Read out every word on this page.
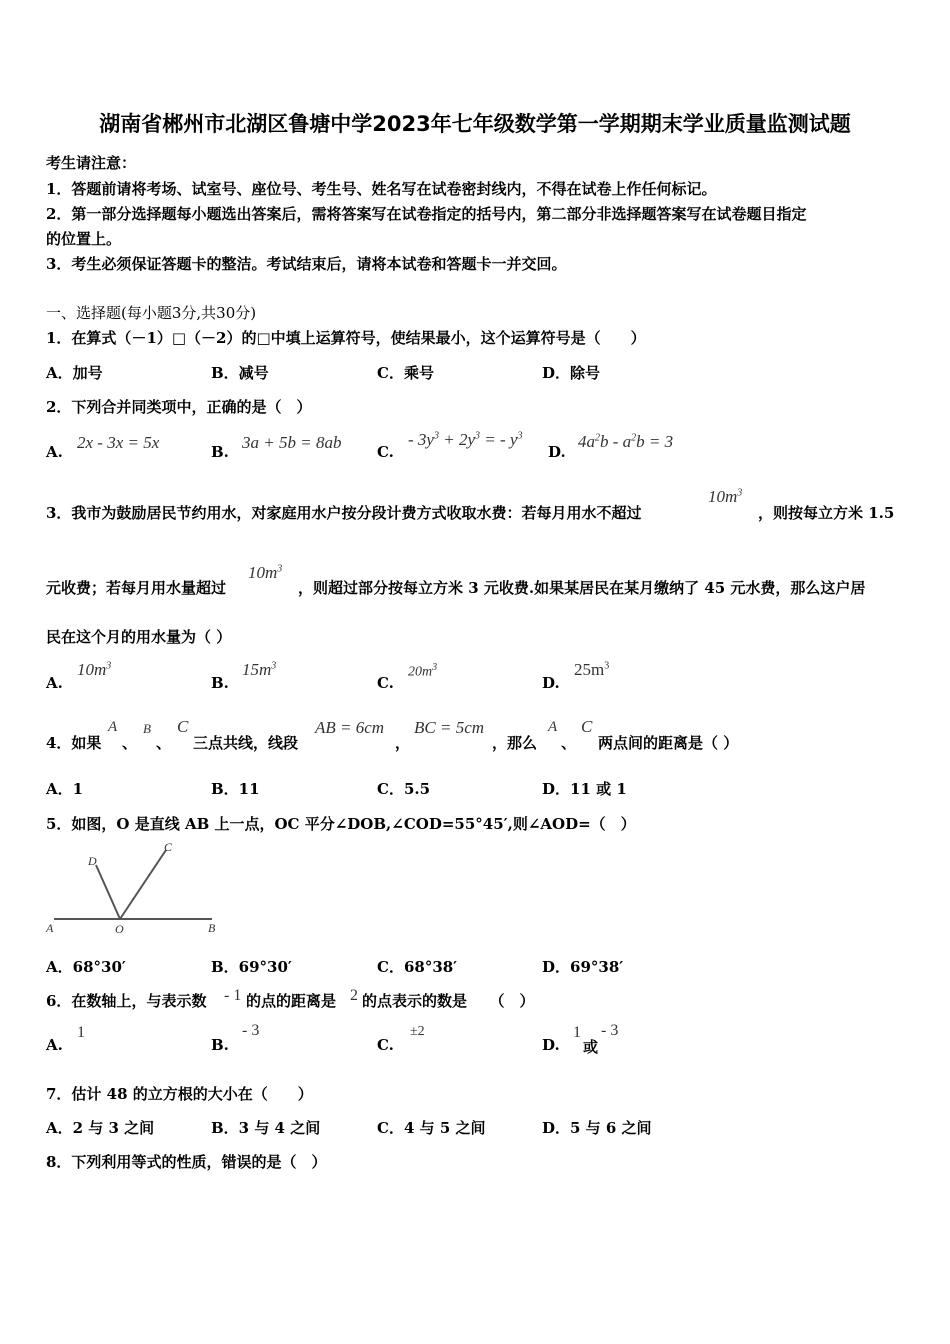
湖南省郴州市北湖区鲁塘中学2023年七年级数学第一学期期末学业质量监测试题
考生请注意：
1．答题前请将考场、试室号、座位号、考生号、姓名写在试卷密封线内，不得在试卷上作任何标记。
2．第一部分选择题每小题选出答案后，需将答案写在试卷指定的括号内，第二部分非选择题答案写在试卷题目指定
的位置上。
3．考生必须保证答题卡的整洁。考试结束后，请将本试卷和答题卡一并交回。
一、选择题(每小题3分,共30分)
1．在算式（－1）□（－2）的□中填上运算符号，使结果最小，这个运算符号是（　　）
A．加号	B．减号	C．乘号	D．除号
2．下列合并同类项中，正确的是（　）
A. 2x - 3x = 5x	B. 3a + 5b = 8ab C.
- $3y^3 + 2y^3$ = - $y^3$
D.
$4a^2b - a^2b = 3$
3．我市为鼓励居民节约用水，对家庭用水户按分段计费方式收取水费：若每月用水不超过
$10m^3$
，则按每立方米 1.5
元收费；若每月用水量超过
$10m^3$
，则超过部分按每立方米 3 元收费.如果某居民在某月缴纳了 45 元水费，那么这户居
民在这个月的用水量为（ ）
A.
$10m^3$
B.
$15m^3$
C.
$20m^3$
D.
$25m^3$
4．如果
A
、
B
、
C
三点共线，线段
AB = 6cm
，
BC = 5cm
，那么
A
、
C
两点间的距离是（ ）
A．1	B．11	C．5.5	D．11 或 1
5．如图，O 是直线 AB 上一点，OC 平分∠DOB,∠COD=55°45′,则∠AOD=（　）
D
C
A	O	B
A．68°30′	B．69°30′	C．68°38′	D．69°38′
6．在数轴上，与表示数 - 1 的点的距离是 2 的点表示的数是　　（　）
A.
1
B.
- 3
C.
±2
D.
1
或
- 3
7．估计 48 的立方根的大小在（　　）
A．2 与 3 之间	B．3 与 4 之间	C．4 与 5 之间	D．5 与 6 之间
8．下列利用等式的性质，错误的是（　）
